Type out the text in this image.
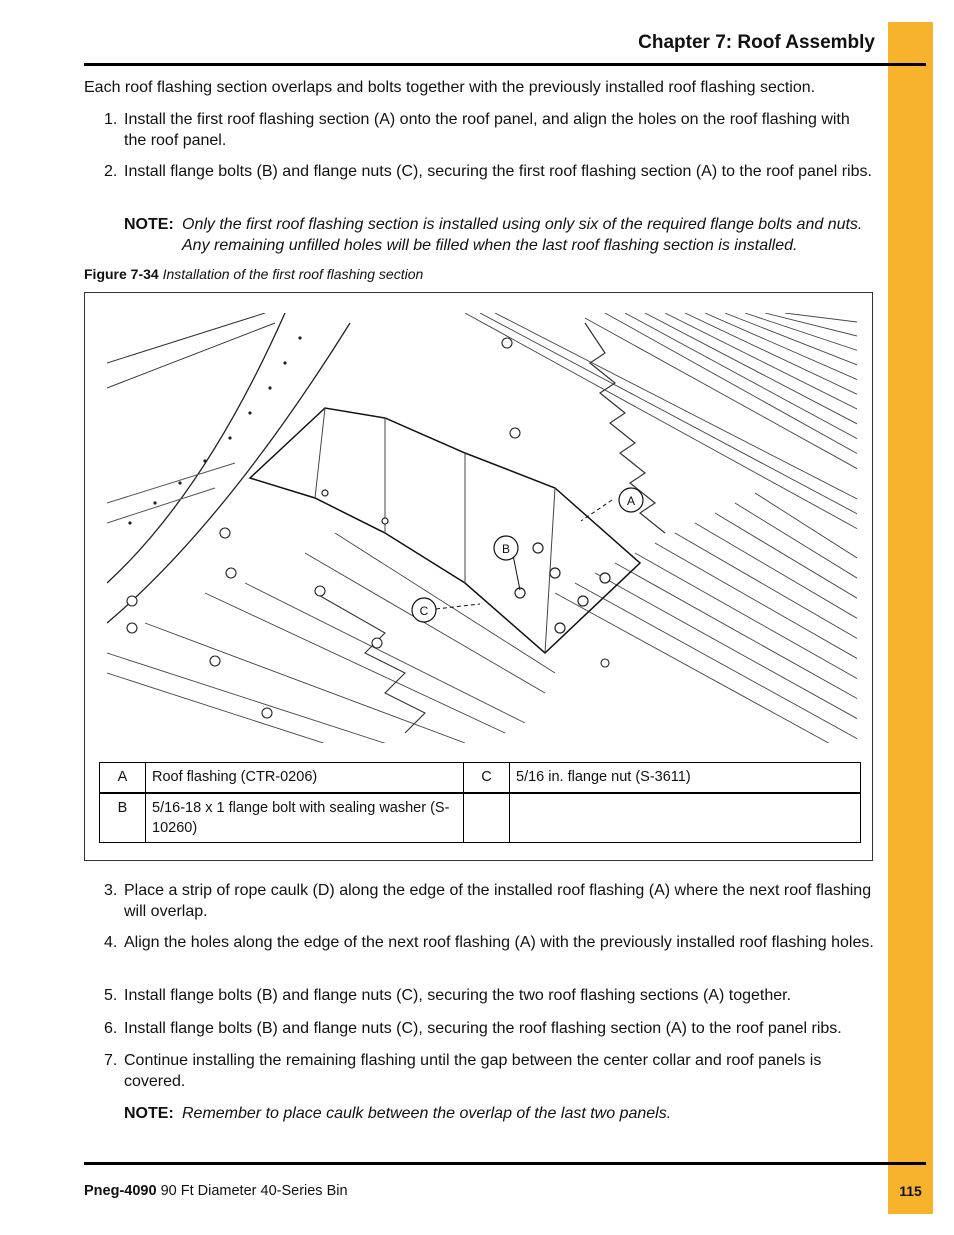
Chapter 7: Roof Assembly
Each roof flashing section overlaps and bolts together with the previously installed roof flashing section.
1. Install the first roof flashing section (A) onto the roof panel, and align the holes on the roof flashing with the roof panel.
2. Install flange bolts (B) and flange nuts (C), securing the first roof flashing section (A) to the roof panel ribs.
NOTE: Only the first roof flashing section is installed using only six of the required flange bolts and nuts. Any remaining unfilled holes will be filled when the last roof flashing section is installed.
Figure 7-34 Installation of the first roof flashing section
A
B
C
A	Roof flashing (CTR-0206)	C	5/16 in. flange nut (S-3611)
B	5/16-18 x 1 flange bolt with sealing washer (S-10260)		
3. Place a strip of rope caulk (D) along the edge of the installed roof flashing (A) where the next roof flashing will overlap.
4. Align the holes along the edge of the next roof flashing (A) with the previously installed roof flashing holes.
5. Install flange bolts (B) and flange nuts (C), securing the two roof flashing sections (A) together.
6. Install flange bolts (B) and flange nuts (C), securing the roof flashing section (A) to the roof panel ribs.
7. Continue installing the remaining flashing until the gap between the center collar and roof panels is covered.
NOTE: Remember to place caulk between the overlap of the last two panels.
Pneg-4090 90 Ft Diameter 40-Series Bin	115
